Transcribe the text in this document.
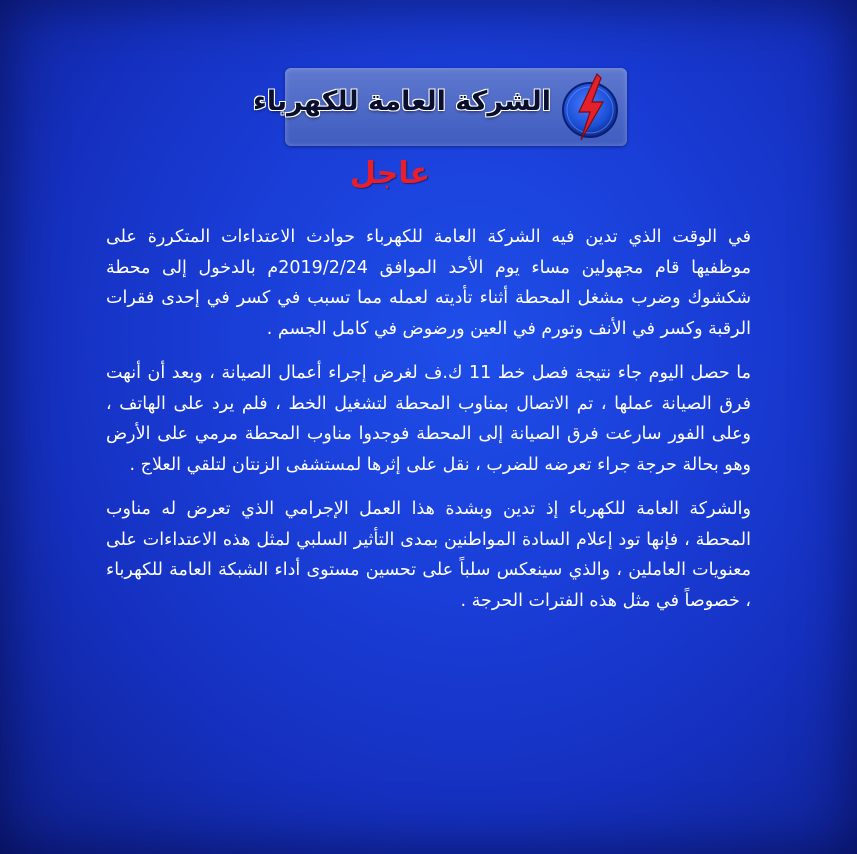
الشركة العامة للكهرباء
عاجل

في الوقت الذي تدين فيه الشركة العامة للكهرباء حوادث الاعتداءات المتكررة على موظفيها قام مجهولين مساء يوم الأحد الموافق 2019/2/24م بالدخول إلى محطة شكشوك وضرب مشغل المحطة أثناء تأديته لعمله مما تسبب في كسر في إحدى فقرات الرقبة وكسر في الأنف وتورم في العين ورضوض في كامل الجسم .

ما حصل اليوم جاء نتيجة فصل خط 11 ك.ف لغرض إجراء أعمال الصيانة ، وبعد أن أنهت فرق الصيانة عملها ، تم الاتصال بمناوب المحطة لتشغيل الخط ، فلم يرد على الهاتف ، وعلى الفور سارعت فرق الصيانة إلى المحطة فوجدوا مناوب المحطة مرمي على الأرض وهو بحالة حرجة جراء تعرضه للضرب ، نقل على إثرها لمستشفى الزنتان لتلقي العلاج .

والشركة العامة للكهرباء إذ تدين وبشدة هذا العمل الإجرامي الذي تعرض له مناوب المحطة ، فإنها تود إعلام السادة المواطنين بمدى التأثير السلبي لمثل هذه الاعتداءات على معنويات العاملين ، والذي سينعكس سلباً على تحسين مستوى أداء الشبكة العامة للكهرباء ، خصوصاً في مثل هذه الفترات الحرجة .
